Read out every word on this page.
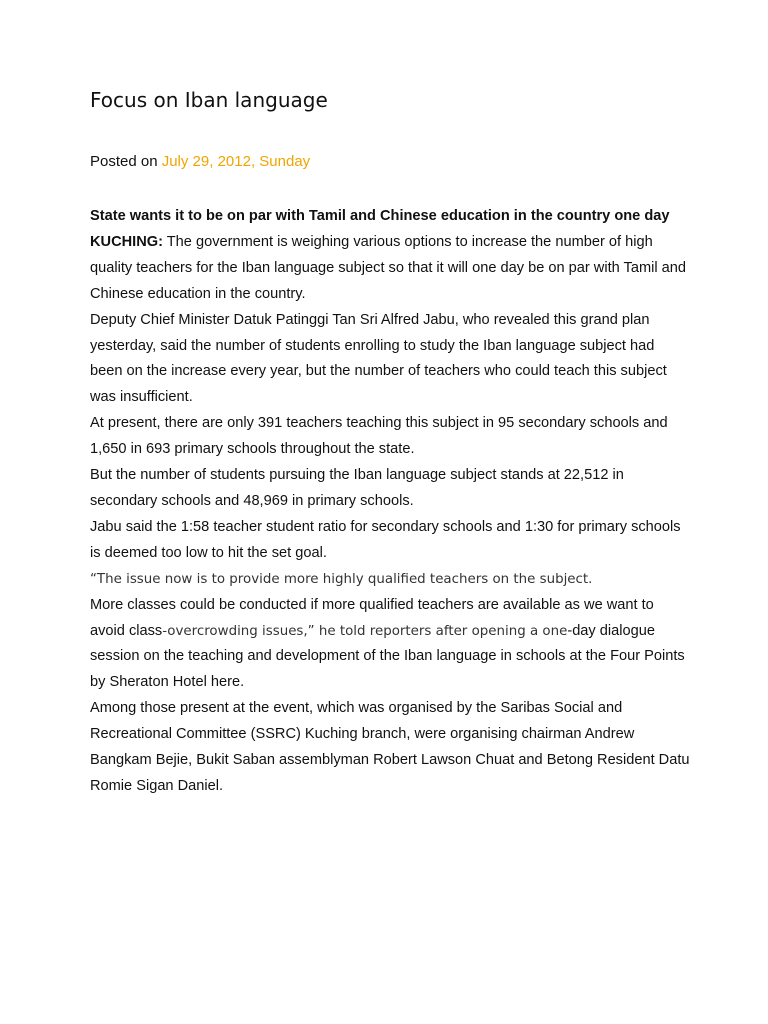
Focus on Iban language
Posted on July 29, 2012, Sunday

State wants it to be on par with Tamil and Chinese education in the country one day

KUCHING: The government is weighing various options to increase the number of high quality teachers for the Iban language subject so that it will one day be on par with Tamil and Chinese education in the country.

Deputy Chief Minister Datuk Patinggi Tan Sri Alfred Jabu, who revealed this grand plan yesterday, said the number of students enrolling to study the Iban language subject had been on the increase every year, but the number of teachers who could teach this subject was insufficient.

At present, there are only 391 teachers teaching this subject in 95 secondary schools and 1,650 in 693 primary schools throughout the state.

But the number of students pursuing the Iban language subject stands at 22,512 in secondary schools and 48,969 in primary schools.

Jabu said the 1:58 teacher student ratio for secondary schools and 1:30 for primary schools is deemed too low to hit the set goal.

“The issue now is to provide more highly qualified teachers on the subject.

More classes could be conducted if more qualified teachers are available as we want to avoid class-overcrowding issues,” he told reporters after opening a one-day dialogue session on the teaching and development of the Iban language in schools at the Four Points by Sheraton Hotel here.

Among those present at the event, which was organised by the Saribas Social and Recreational Committee (SSRC) Kuching branch, were organising chairman Andrew Bangkam Bejie, Bukit Saban assemblyman Robert Lawson Chuat and Betong Resident Datu Romie Sigan Daniel.
